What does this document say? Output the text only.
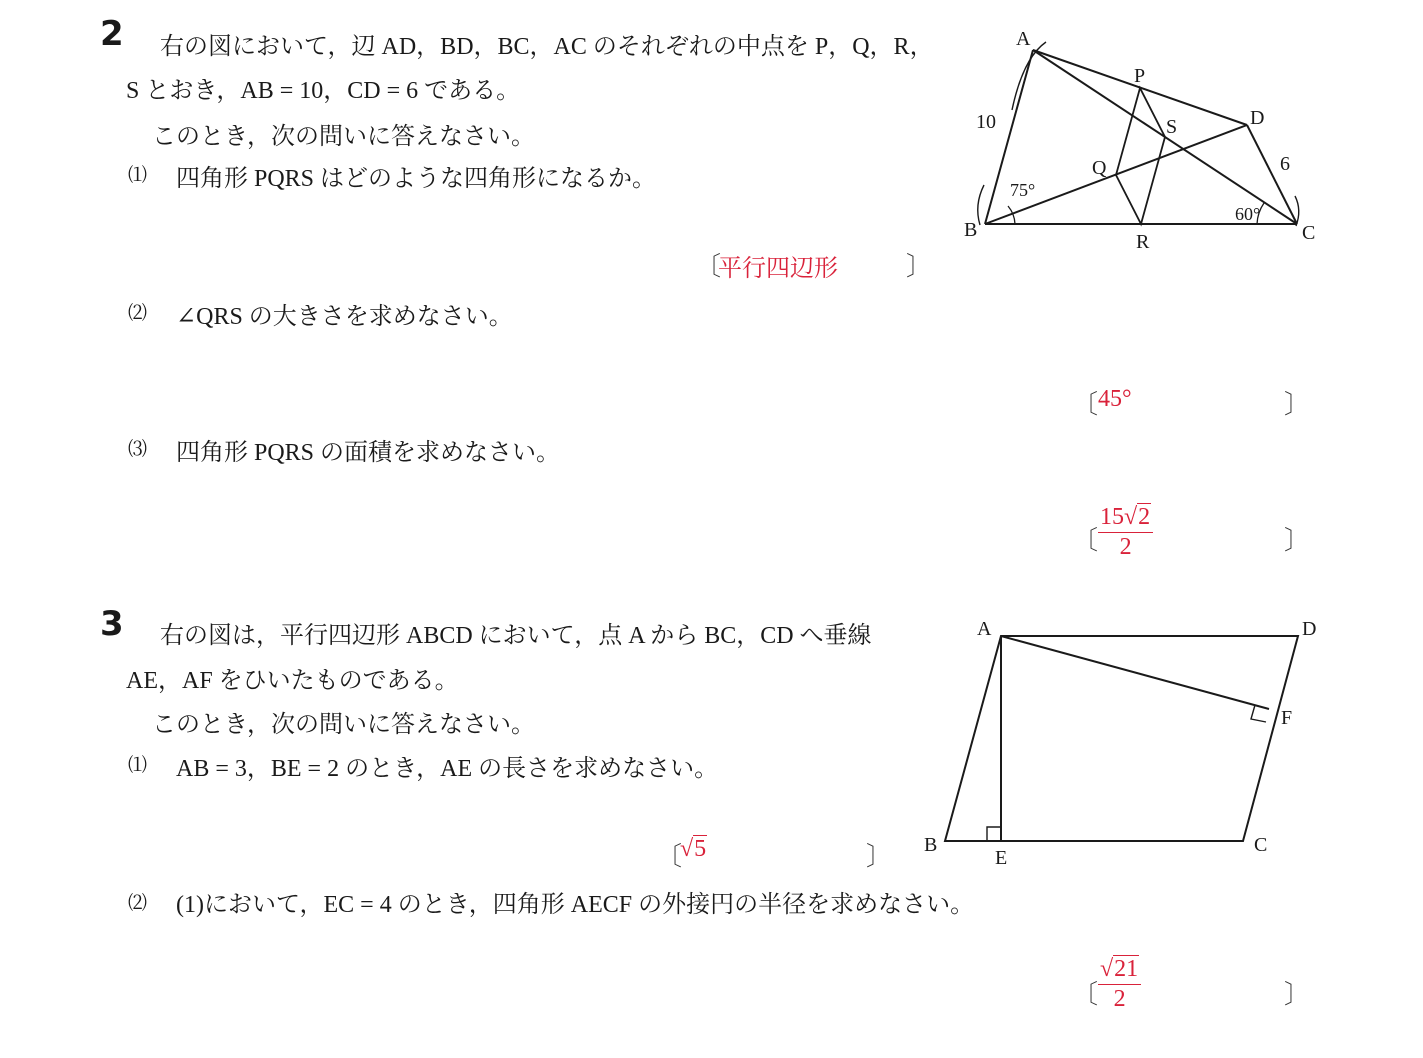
2 右の図において，辺 AD，BD，BC，AC のそれぞれの中点を P，Q，R，
S とおき，AB = 10，CD = 6 である。
このとき，次の問いに答えなさい。
⑴ 四角形 PQRS はどのような四角形になるか。
〔
平行四辺形	〕
⑵ ∠QRS の大きさを求めなさい。
〔 45°	〕
⑶ 四角形 PQRS の面積を求めなさい。
〔 $\frac{15√2}{2}$	〕
A
B	C
D
P
Q
R
S
10
6
75°
60°
3 右の図は，平行四辺形 ABCD において，点 A から BC，CD へ垂線
AE，AF をひいたものである。
このとき，次の問いに答えなさい。
⑴ AB = 3，BE = 2 のとき，AE の長さを求めなさい。
〔
√5	〕
⑵ (1)において，EC = 4 のとき，四角形 AECF の外接円の半径を求めなさい。
〔 $\frac{√21}{2}$	〕
A	D
B
E
C
F
